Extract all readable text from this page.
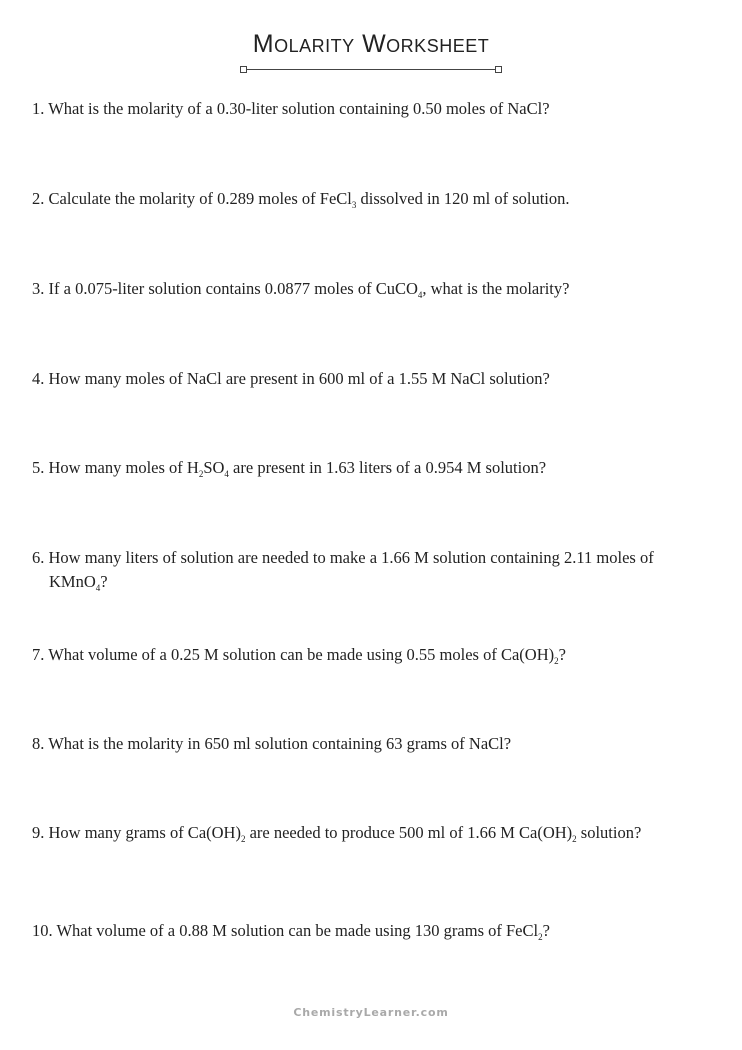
Molarity Worksheet
1. What is the molarity of a 0.30-liter solution containing 0.50 moles of NaCl?
2. Calculate the molarity of 0.289 moles of FeCl$_3$ dissolved in 120 ml of solution.
3. If a 0.075-liter solution contains 0.0877 moles of CuCO$_4$, what is the molarity?
4. How many moles of NaCl are present in 600 ml of a 1.55 M NaCl solution?
5. How many moles of $H_2SO_4$ are present in 1.63 liters of a 0.954 M solution?
6. How many liters of solution are needed to make a 1.66 M solution containing 2.11 moles of
KMnO$_4$?
7. What volume of a 0.25 M solution can be made using 0.55 moles of $Ca(OH)_2$?
8. What is the molarity in 650 ml solution containing 63 grams of NaCl?
9. How many grams of $Ca(OH)_2$ are needed to produce 500 ml of 1.66 M $Ca(OH)_2$ solution?
10. What volume of a 0.88 M solution can be made using 130 grams of FeCl$_2$?
ChemistryLearner.com
